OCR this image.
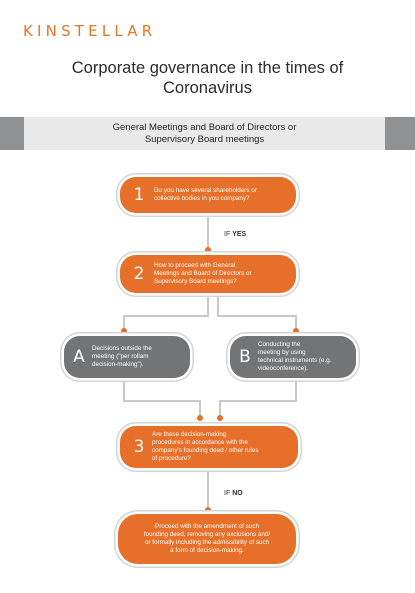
KINSTELLAR
Corporate governance in the times of
Coronavirus
General Meetings and Board of Directors or
Supervisory Board meetings
1	Do you have several shareholders or
collective bodies in you company?
IF YES
2	How to proceed with General
Meetings and Board of Directors or
Supervisory Board meetings?
A	Decisions outside the
meeting ("per rollam
decision-making").	B
Conducting the
meeting by using
technical instruments (e.g.
videoconference).
3
Are these decision-making
procedures in accordance with the
company's founding deed / other rules
of procedure?
IF NO
Proceed with the amendment of such
founding deed, removing any exclusions and/
or formally including the admissibility of such
a form of decision-making.
